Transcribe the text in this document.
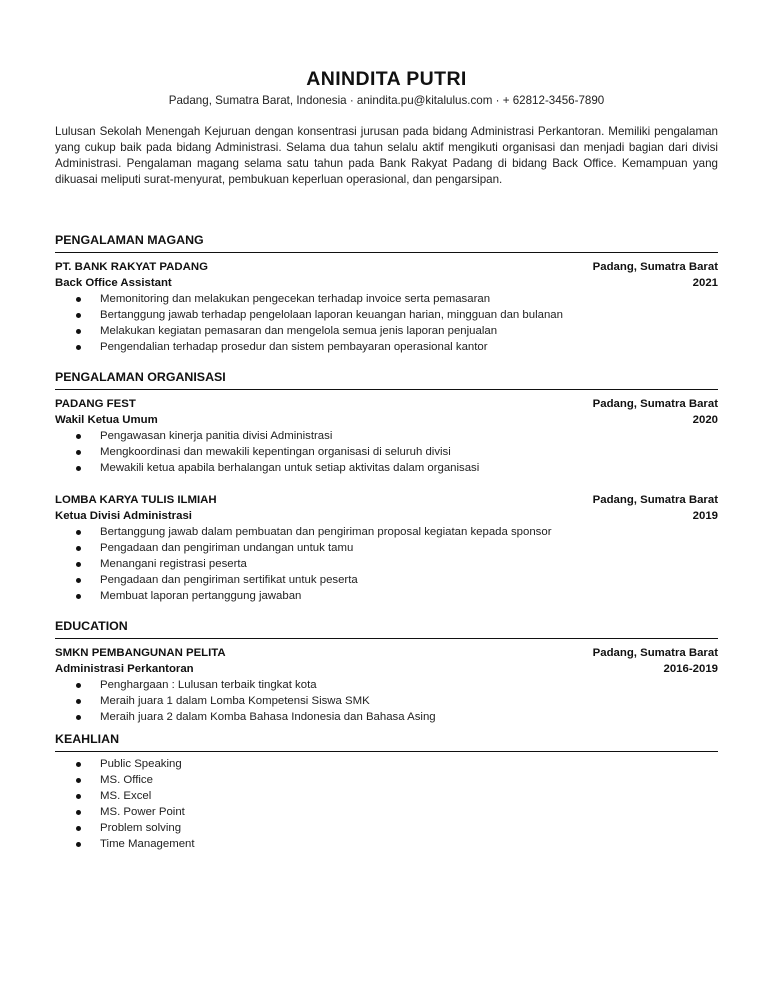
ANINDITA PUTRI
Padang, Sumatra Barat, Indonesia · anindita.pu@kitalulus.com · + 62812-3456-7890
Lulusan Sekolah Menengah Kejuruan dengan konsentrasi jurusan pada bidang Administrasi Perkantoran. Memiliki pengalaman yang cukup baik pada bidang Administrasi. Selama dua tahun selalu aktif mengikuti organisasi dan menjadi bagian dari divisi Administrasi. Pengalaman magang selama satu tahun pada Bank Rakyat Padang di bidang Back Office. Kemampuan yang dikuasai meliputi surat-menyurat, pembukuan keperluan operasional, dan pengarsipan.
PENGALAMAN MAGANG
PT. BANK RAKYAT PADANG	Padang, Sumatra Barat
Back Office Assistant	2021
Memonitoring dan melakukan pengecekan terhadap invoice serta pemasaran
Bertanggung jawab terhadap pengelolaan laporan keuangan harian, mingguan dan bulanan
Melakukan kegiatan pemasaran dan mengelola semua jenis laporan penjualan
Pengendalian terhadap prosedur dan sistem pembayaran operasional kantor
PENGALAMAN ORGANISASI
PADANG FEST	Padang, Sumatra Barat
Wakil Ketua Umum	2020
Pengawasan kinerja panitia divisi Administrasi
Mengkoordinasi dan mewakili kepentingan organisasi di seluruh divisi
Mewakili ketua apabila berhalangan untuk setiap aktivitas dalam organisasi
LOMBA KARYA TULIS ILMIAH	Padang, Sumatra Barat
Ketua Divisi Administrasi	2019
Bertanggung jawab dalam pembuatan dan pengiriman proposal kegiatan kepada sponsor
Pengadaan dan pengiriman undangan untuk tamu
Menangani registrasi peserta
Pengadaan dan pengiriman sertifikat untuk peserta
Membuat laporan pertanggung jawaban
EDUCATION
SMKN PEMBANGUNAN PELITA	Padang, Sumatra Barat
Administrasi Perkantoran	2016-2019
Penghargaan : Lulusan terbaik tingkat kota
Meraih juara 1 dalam Lomba Kompetensi Siswa SMK
Meraih juara 2 dalam Komba Bahasa Indonesia dan Bahasa Asing
KEAHLIAN
Public Speaking
MS. Office
MS. Excel
MS. Power Point
Problem solving
Time Management
